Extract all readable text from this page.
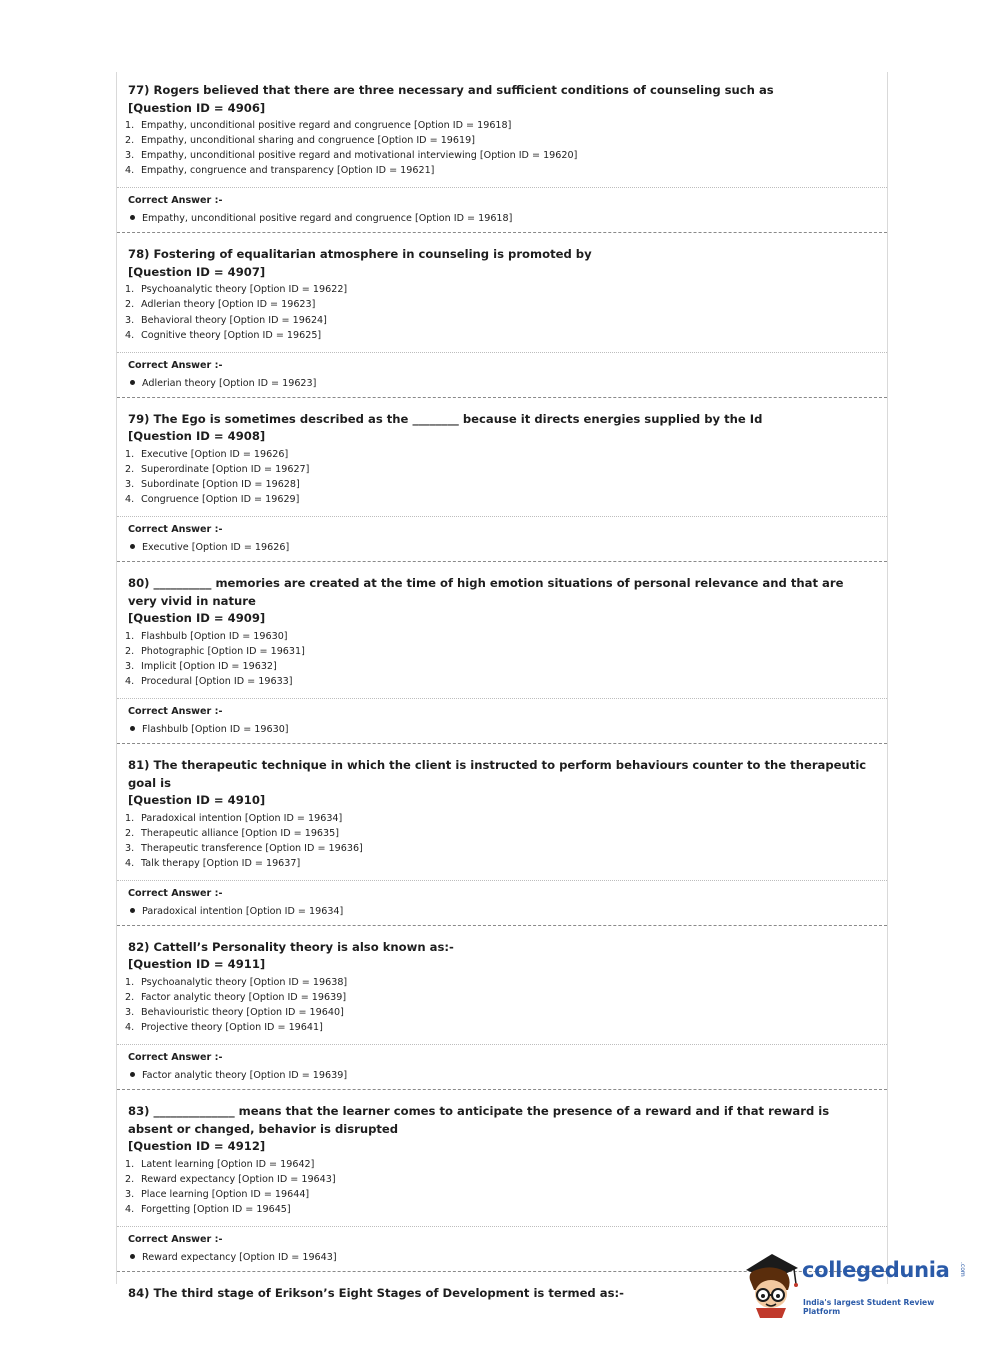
77) Rogers believed that there are three necessary and sufficient conditions of counseling such as

[Question ID = 4906]
1. Empathy, unconditional positive regard and congruence [Option ID = 19618]
2. Empathy, unconditional sharing and congruence [Option ID = 19619]
3. Empathy, unconditional positive regard and motivational interviewing [Option ID = 19620]
4. Empathy, congruence and transparency [Option ID = 19621]
Correct Answer :-
Empathy, unconditional positive regard and congruence [Option ID = 19618]

78) Fostering of equalitarian atmosphere in counseling is promoted by

[Question ID = 4907]
1. Psychoanalytic theory [Option ID = 19622]
2. Adlerian theory [Option ID = 19623]
3. Behavioral theory [Option ID = 19624]
4. Cognitive theory [Option ID = 19625]
Correct Answer :-
Adlerian theory [Option ID = 19623]

79) The Ego is sometimes described as the ________ because it directs energies supplied by the Id

[Question ID = 4908]
1. Executive [Option ID = 19626]
2. Superordinate [Option ID = 19627]
3. Subordinate [Option ID = 19628]
4. Congruence [Option ID = 19629]
Correct Answer :-
Executive [Option ID = 19626]

80) __________ memories are created at the time of high emotion situations of personal relevance and that are very vivid in nature

[Question ID = 4909]
1. Flashbulb [Option ID = 19630]
2. Photographic [Option ID = 19631]
3. Implicit [Option ID = 19632]
4. Procedural [Option ID = 19633]
Correct Answer :-
Flashbulb [Option ID = 19630]

81) The therapeutic technique in which the client is instructed to perform behaviours counter to the therapeutic goal is

[Question ID = 4910]
1. Paradoxical intention [Option ID = 19634]
2. Therapeutic alliance [Option ID = 19635]
3. Therapeutic transference [Option ID = 19636]
4. Talk therapy [Option ID = 19637]
Correct Answer :-
Paradoxical intention [Option ID = 19634]

82) Cattell’s Personality theory is also known as:-

[Question ID = 4911]
1. Psychoanalytic theory [Option ID = 19638]
2. Factor analytic theory [Option ID = 19639]
3. Behaviouristic theory [Option ID = 19640]
4. Projective theory [Option ID = 19641]
Correct Answer :-
Factor analytic theory [Option ID = 19639]

83) ______________ means that the learner comes to anticipate the presence of a reward and if that reward is absent or changed, behavior is disrupted

[Question ID = 4912]
1. Latent learning [Option ID = 19642]
2. Reward expectancy [Option ID = 19643]
3. Place learning [Option ID = 19644]
4. Forgetting [Option ID = 19645]
Correct Answer :-
Reward expectancy [Option ID = 19643]

84) The third stage of Erikson’s Eight Stages of Development is termed as:-

collegedunia .com
India's largest Student Review Platform
